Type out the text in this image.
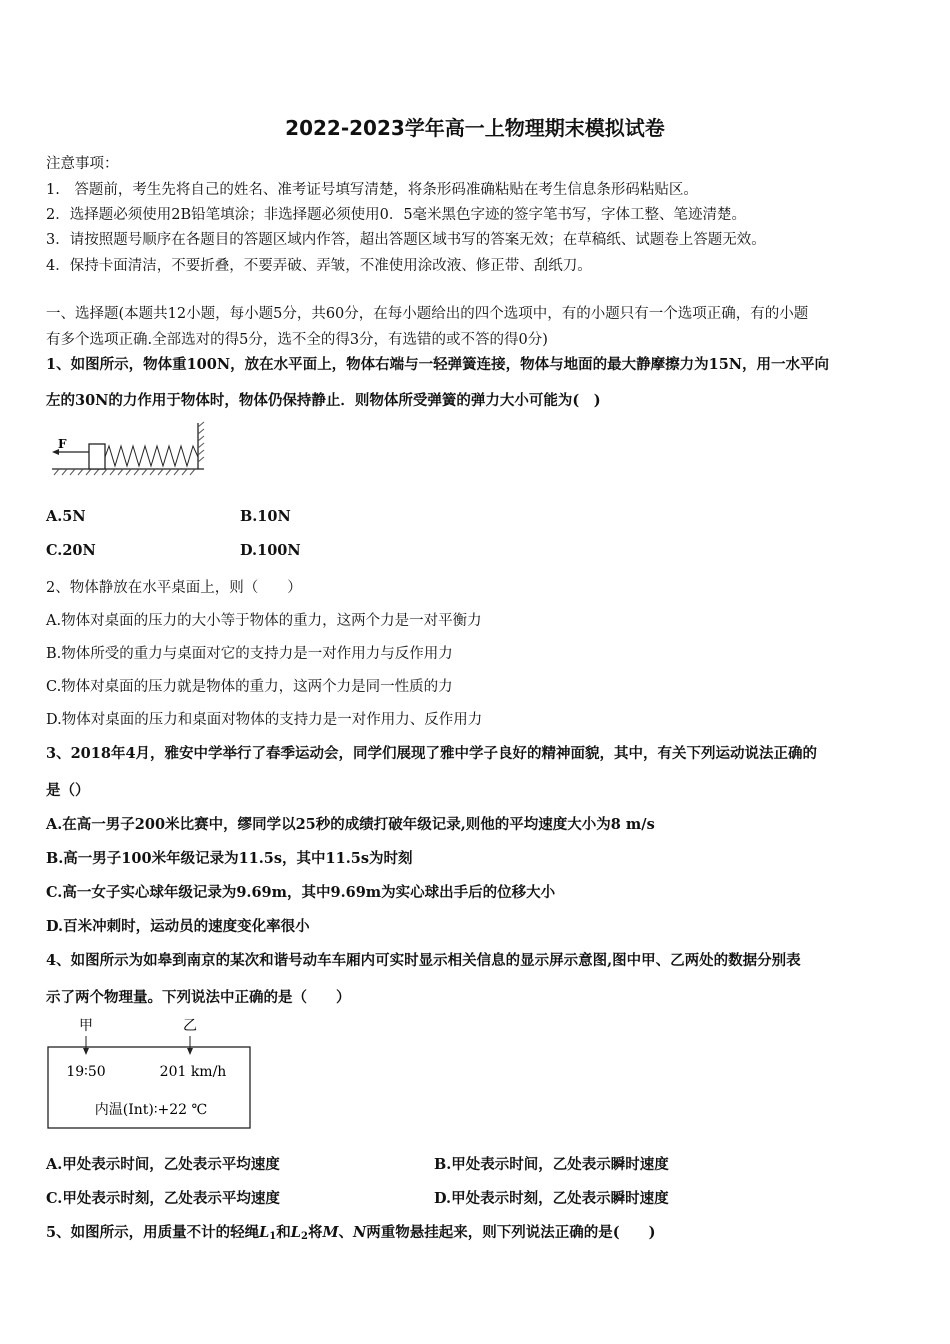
2022-2023学年高一上物理期末模拟试卷
注意事项：
1.　答题前，考生先将自己的姓名、准考证号填写清楚，将条形码准确粘贴在考生信息条形码粘贴区。
2．选择题必须使用2B铅笔填涂；非选择题必须使用0．5毫米黑色字迹的签字笔书写，字体工整、笔迹清楚。
3．请按照题号顺序在各题目的答题区域内作答，超出答题区域书写的答案无效；在草稿纸、试题卷上答题无效。
4．保持卡面清洁，不要折叠，不要弄破、弄皱，不准使用涂改液、修正带、刮纸刀。
一、选择题(本题共12小题，每小题5分，共60分，在每小题给出的四个选项中，有的小题只有一个选项正确，有的小题
有多个选项正确.全部选对的得5分，选不全的得3分，有选错的或不答的得0分)
1、如图所示，物体重100N，放在水平面上，物体右端与一轻弹簧连接，物体与地面的最大静摩擦力为15N，用一水平向
左的30N的力作用于物体时，物体仍保持静止．则物体所受弹簧的弹力大小可能为(　)
F
A.5N	B.10N
C.20N	D.100N
2、物体静放在水平桌面上，则（　　）
A.物体对桌面的压力的大小等于物体的重力，这两个力是一对平衡力
B.物体所受的重力与桌面对它的支持力是一对作用力与反作用力
C.物体对桌面的压力就是物体的重力，这两个力是同一性质的力
D.物体对桌面的压力和桌面对物体的支持力是一对作用力、反作用力
3、2018年4月，雅安中学举行了春季运动会，同学们展现了雅中学子良好的精神面貌，其中，有关下列运动说法正确的
是（）
A.在高一男子200米比赛中，缪同学以25秒的成绩打破年级记录,则他的平均速度大小为8 m/s
B.高一男子100米年级记录为11.5s，其中11.5s为时刻
C.高一女子实心球年级记录为9.69m，其中9.69m为实心球出手后的位移大小
D.百米冲刺时，运动员的速度变化率很小
4、如图所示为如皋到南京的某次和谐号动车车厢内可实时显示相关信息的显示屏示意图,图中甲、乙两处的数据分别表
示了两个物理量。下列说法中正确的是（　　）
甲	乙
19∶50	201 km/h
内温(Int)∶+22 ℃
A.甲处表示时间，乙处表示平均速度	B.甲处表示时间，乙处表示瞬时速度
C.甲处表示时刻，乙处表示平均速度	D.甲处表示时刻，乙处表示瞬时速度
5、如图所示，用质量不计的轻绳$L_1$和$L_2$将M、N两重物悬挂起来，则下列说法正确的是(　　)
